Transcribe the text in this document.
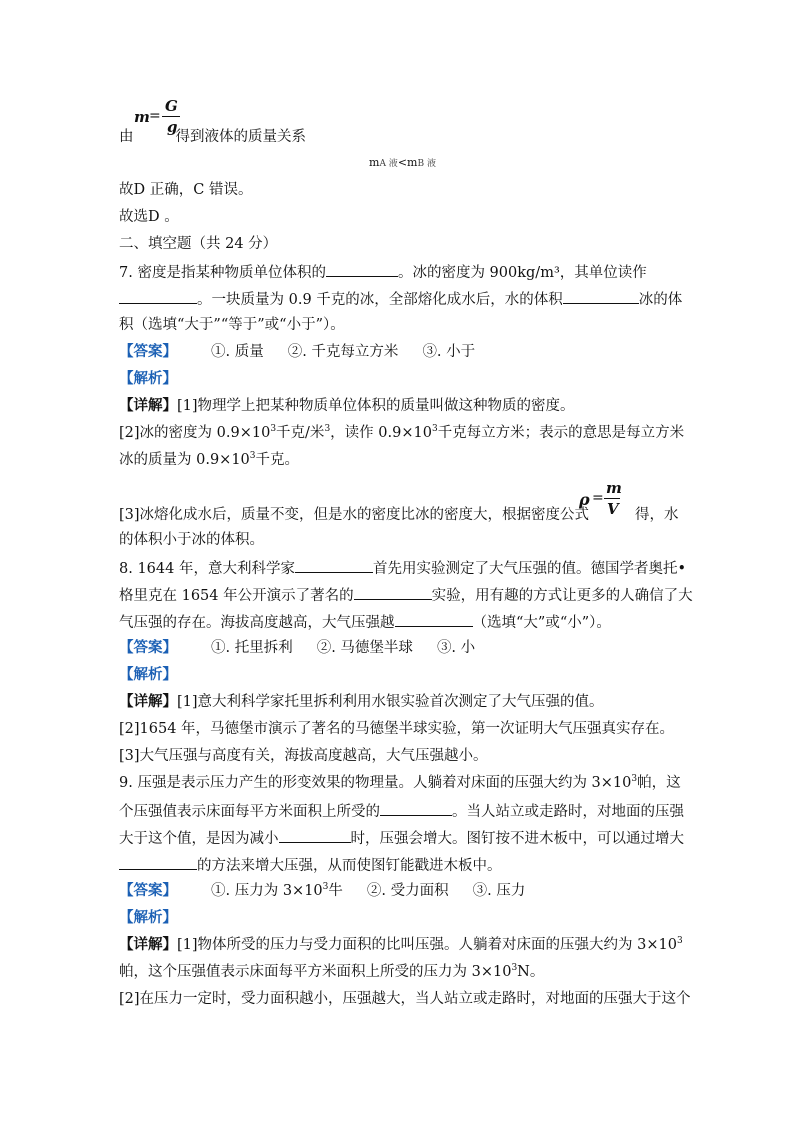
m =
G
g
由	得到液体的质量关系
mA 液<mB 液
故D 正确，C 错误。
故选D 。
二、填空题（共 24 分）
7. 密度是指某种物质单位体积的	。冰的密度为 900kg/m³，其单位读作
。一块质量为 0.9 千克的冰，全部熔化成水后，水的体积	冰的体
积（选填“大于”“等于”或“小于”）。
【答案】 ①. 质量 ②. 千克每立方米 ③. 小于
【解析】
【详解】[1]物理学上把某种物质单位体积的质量叫做这种物质的密度。
[2]冰的密度为 $0.9\times 10^3$千克/米$^3$，读作 $0.9\times 10^3$千克每立方米；表示的意思是每立方米
冰的质量为 $0.9\times 10^3$千克。
ρ =
m
V
[3]冰熔化成水后，质量不变，但是水的密度比冰的密度大，根据密度公式	得，水
的体积小于冰的体积。
8. 1644 年，意大利科学家	首先用实验测定了大气压强的值。德国学者奥托•
格里克在 1654 年公开演示了著名的	实验，用有趣的方式让更多的人确信了大
气压强的存在。海拔高度越高，大气压强越	（选填“大”或“小”）。
【答案】 ①. 托里拆利 ②. 马德堡半球 ③. 小
【解析】
【详解】[1]意大利科学家托里拆利利用水银实验首次测定了大气压强的值。
[2]1654 年，马德堡市演示了著名的马德堡半球实验，第一次证明大气压强真实存在。
[3]大气压强与高度有关，海拔高度越高，大气压强越小。
9. 压强是表示压力产生的形变效果的物理量。人躺着对床面的压强大约为 $3\times 10^3$帕，这
个压强值表示床面每平方米面积上所受的	。当人站立或走路时，对地面的压强
大于这个值，是因为减小	时，压强会增大。图钉按不进木板中，可以通过增大
的方法来增大压强，从而使图钉能戳进木板中。
【答案】 ①. 压力为 $3\times 10^3$牛 ②. 受力面积 ③. 压力
【解析】
【详解】[1]物体所受的压力与受力面积的比叫压强。人躺着对床面的压强大约为 $3\times 10^3$
帕，这个压强值表示床面每平方米面积上所受的压力为 $3\times 10^3N$。
[2]在压力一定时，受力面积越小，压强越大，当人站立或走路时，对地面的压强大于这个
